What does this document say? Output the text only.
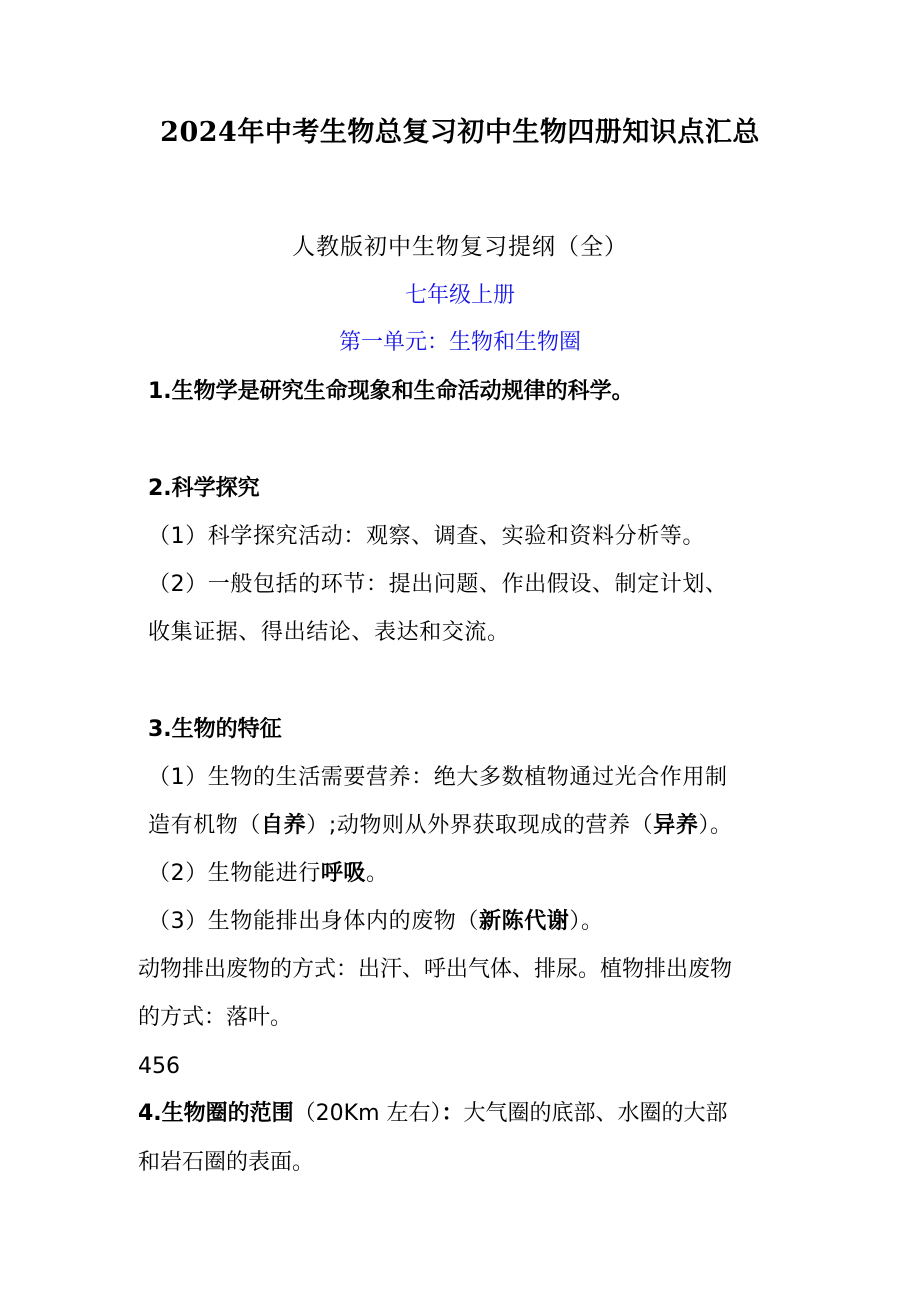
2024年中考生物总复习初中生物四册知识点汇总
人教版初中生物复习提纲（全）
七年级上册
第一单元：生物和生物圈
1.生物学是研究生命现象和生命活动规律的科学。
2.科学探究
（1）科学探究活动：观察、调查、实验和资料分析等。
（2）一般包括的环节：提出问题、作出假设、制定计划、
收集证据、得出结论、表达和交流。
3.生物的特征
（1）生物的生活需要营养：绝大多数植物通过光合作用制
造有机物（自养）;动物则从外界获取现成的营养（异养）。
（2）生物能进行呼吸。
（3）生物能排出身体内的废物（新陈代谢）。
动物排出废物的方式：出汗、呼出气体、排尿。植物排出废物
的方式：落叶。
456
4.生物圈的范围（20Km 左右）：大气圈的底部、水圈的大部
和岩石圈的表面。
